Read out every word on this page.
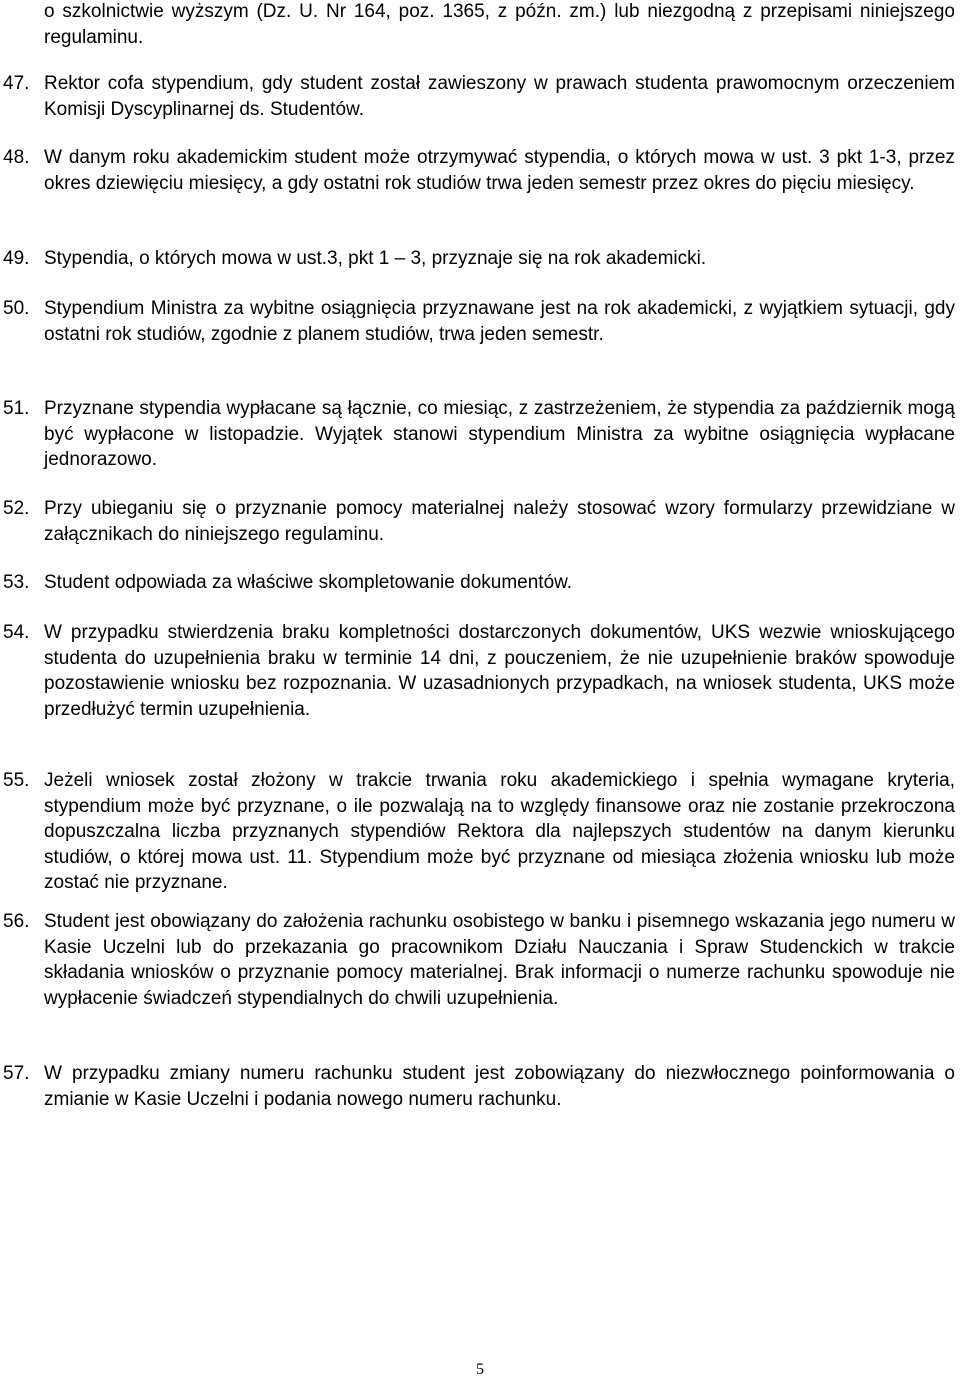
o szkolnictwie wyższym (Dz. U. Nr 164, poz. 1365, z późn. zm.) lub niezgodną z przepisami niniejszego regulaminu.

47. Rektor cofa stypendium, gdy student został zawieszony w prawach studenta prawomocnym orzeczeniem Komisji Dyscyplinarnej ds. Studentów.
48. W danym roku akademickim student może otrzymywać stypendia, o których mowa w ust. 3 pkt 1-3, przez okres dziewięciu miesięcy, a gdy ostatni rok studiów trwa jeden semestr przez okres do pięciu miesięcy.
49. Stypendia, o których mowa w ust.3, pkt 1 – 3, przyznaje się na rok akademicki.
50. Stypendium Ministra za wybitne osiągnięcia przyznawane jest na rok akademicki, z wyjątkiem sytuacji, gdy ostatni rok studiów, zgodnie z planem studiów, trwa jeden semestr.
51. Przyznane stypendia wypłacane są łącznie, co miesiąc, z zastrzeżeniem, że stypendia za październik mogą być wypłacone w listopadzie. Wyjątek stanowi stypendium Ministra za wybitne osiągnięcia wypłacane jednorazowo.
52. Przy ubieganiu się o przyznanie pomocy materialnej należy stosować wzory formularzy przewidziane w załącznikach do niniejszego regulaminu.
53. Student odpowiada za właściwe skompletowanie dokumentów.
54. W przypadku stwierdzenia braku kompletności dostarczonych dokumentów, UKS wezwie wnioskującego studenta do uzupełnienia braku w terminie 14 dni, z pouczeniem, że nie uzupełnienie braków spowoduje pozostawienie wniosku bez rozpoznania. W uzasadnionych przypadkach, na wniosek studenta, UKS może przedłużyć termin uzupełnienia.
55. Jeżeli wniosek został złożony w trakcie trwania roku akademickiego i spełnia wymagane kryteria, stypendium może być przyznane, o ile pozwalają na to względy finansowe oraz nie zostanie przekroczona dopuszczalna liczba przyznanych stypendiów Rektora dla najlepszych studentów na danym kierunku studiów, o której mowa ust. 11. Stypendium może być przyznane od miesiąca złożenia wniosku lub może zostać nie przyznane.
56. Student jest obowiązany do założenia rachunku osobistego w banku i pisemnego wskazania jego numeru w Kasie Uczelni lub do przekazania go pracownikom Działu Nauczania i Spraw Studenckich w trakcie składania wniosków o przyznanie pomocy materialnej. Brak informacji o numerze rachunku spowoduje nie wypłacenie świadczeń stypendialnych do chwili uzupełnienia.
57. W przypadku zmiany numeru rachunku student jest zobowiązany do niezwłocznego poinformowania o zmianie w Kasie Uczelni i podania nowego numeru rachunku.
5
